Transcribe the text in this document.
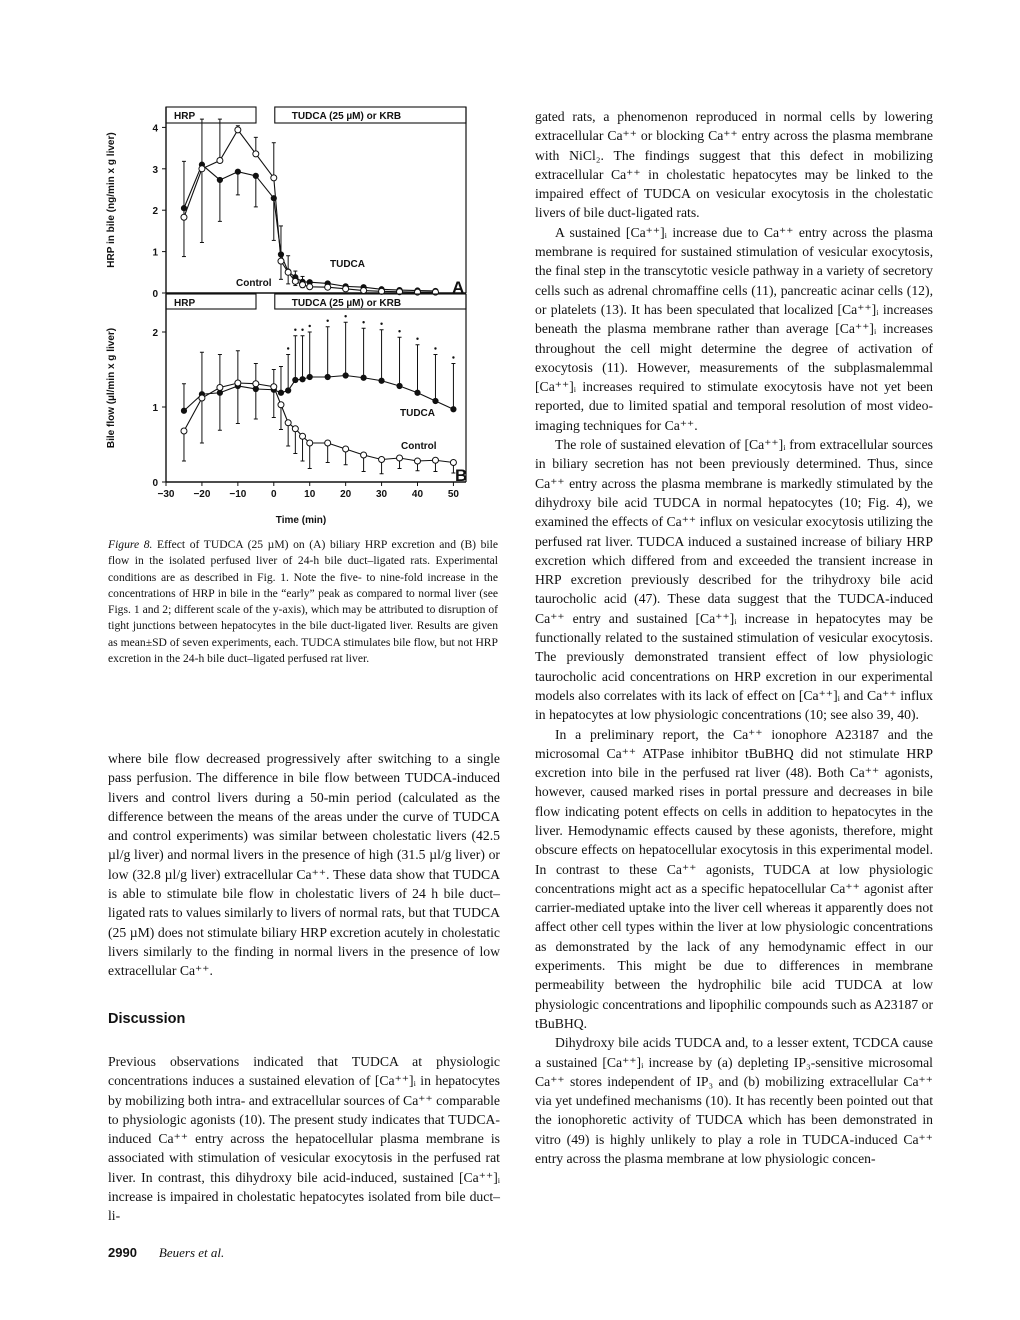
HRP	TUDCA (25 µM) or KRB
0
1
2
3
4
HRP in bile (ng/min x g liver)	TUDCA
Control	A
HRP	TUDCA (25 µM) or KRB
0
1
2
Bile flow (µl/min x g liver)	TUDCA
Control
B
−30 −20 −10 0	10 20 30 40 50
Time (min)
Figure 8. Effect of TUDCA (25 µM) on (A) biliary HRP excretion and (B) bile flow in the isolated perfused liver of 24-h bile duct–ligated rats. Experimental conditions are as described in Fig. 1. Note the five- to nine-fold increase in the concentrations of HRP in bile in the “early” peak as compared to normal liver (see Figs. 1 and 2; different scale of the y-axis), which may be attributed to disruption of tight junctions between hepatocytes in the bile duct-ligated liver. Results are given as mean±SD of seven experiments, each. TUDCA stimulates bile flow, but not HRP excretion in the 24-h bile duct–ligated perfused rat liver.

where bile flow decreased progressively after switching to a single pass perfusion. The difference in bile flow between TUDCA-induced livers and control livers during a 50-min period (calculated as the difference between the means of the areas under the curve of TUDCA and control experiments) was similar between cholestatic livers (42.5 µl/g liver) and normal livers in the presence of high (31.5 µl/g liver) or low (32.8 µl/g liver) extracellular Ca⁺⁺. These data show that TUDCA is able to stimulate bile flow in cholestatic livers of 24 h bile duct–ligated rats to values similarly to livers of normal rats, but that TUDCA (25 µM) does not stimulate biliary HRP excretion acutely in cholestatic livers similarly to the finding in normal livers in the presence of low extracellular Ca⁺⁺.

Discussion

Previous observations indicated that TUDCA at physiologic concentrations induces a sustained elevation of [Ca⁺⁺]ᵢ in hepatocytes by mobilizing both intra- and extracellular sources of Ca⁺⁺ comparable to physiologic agonists (10). The present study indicates that TUDCA-induced Ca⁺⁺ entry across the hepatocellular plasma membrane is associated with stimulation of vesicular exocytosis in the perfused rat liver. In contrast, this dihydroxy bile acid-induced, sustained [Ca⁺⁺]ᵢ increase is impaired in cholestatic hepatocytes isolated from bile duct–li-

gated rats, a phenomenon reproduced in normal cells by lowering extracellular Ca⁺⁺ or blocking Ca⁺⁺ entry across the plasma membrane with NiCl₂. The findings suggest that this defect in mobilizing extracellular Ca⁺⁺ in cholestatic hepatocytes may be linked to the impaired effect of TUDCA on vesicular exocytosis in the cholestatic livers of bile duct-ligated rats.

A sustained [Ca⁺⁺]ᵢ increase due to Ca⁺⁺ entry across the plasma membrane is required for sustained stimulation of vesicular exocytosis, the final step in the transcytotic vesicle pathway in a variety of secretory cells such as adrenal chromaffine cells (11), pancreatic acinar cells (12), or platelets (13). It has been speculated that localized [Ca⁺⁺]ᵢ increases beneath the plasma membrane rather than average [Ca⁺⁺]ᵢ increases throughout the cell might determine the degree of activation of exocytosis (11). However, measurements of the subplasmalemmal [Ca⁺⁺]ᵢ increases required to stimulate exocytosis have not yet been reported, due to limited spatial and temporal resolution of most video-imaging techniques for Ca⁺⁺.

The role of sustained elevation of [Ca⁺⁺]ᵢ from extracellular sources in biliary secretion has not been previously determined. Thus, since Ca⁺⁺ entry across the plasma membrane is markedly stimulated by the dihydroxy bile acid TUDCA in normal hepatocytes (10; Fig. 4), we examined the effects of Ca⁺⁺ influx on vesicular exocytosis utilizing the perfused rat liver. TUDCA induced a sustained increase of biliary HRP excretion which differed from and exceeded the transient increase in HRP excretion previously described for the trihydroxy bile acid taurocholic acid (47). These data suggest that the TUDCA-induced Ca⁺⁺ entry and sustained [Ca⁺⁺]ᵢ increase in hepatocytes may be functionally related to the sustained stimulation of vesicular exocytosis. The previously demonstrated transient effect of low physiologic taurocholic acid concentrations on HRP excretion in our experimental models also correlates with its lack of effect on [Ca⁺⁺]ᵢ and Ca⁺⁺ influx in hepatocytes at low physiologic concentrations (10; see also 39, 40).

In a preliminary report, the Ca⁺⁺ ionophore A23187 and the microsomal Ca⁺⁺ ATPase inhibitor tBuBHQ did not stimulate HRP excretion into bile in the perfused rat liver (48). Both Ca⁺⁺ agonists, however, caused marked rises in portal pressure and decreases in bile flow indicating potent effects on cells in addition to hepatocytes in the liver. Hemodynamic effects caused by these agonists, therefore, might obscure effects on hepatocellular exocytosis in this experimental model. In contrast to these Ca⁺⁺ agonists, TUDCA at low physiologic concentrations might act as a specific hepatocellular Ca⁺⁺ agonist after carrier-mediated uptake into the liver cell whereas it apparently does not affect other cell types within the liver at low physiologic concentrations as demonstrated by the lack of any hemodynamic effect in our experiments. This might be due to differences in membrane permeability between the hydrophilic bile acid TUDCA at low physiologic concentrations and lipophilic compounds such as A23187 or tBuBHQ.

Dihydroxy bile acids TUDCA and, to a lesser extent, TCDCA cause a sustained [Ca⁺⁺]ᵢ increase by (a) depleting IP₃-sensitive microsomal Ca⁺⁺ stores independent of IP₃ and (b) mobilizing extracellular Ca⁺⁺ via yet undefined mechanisms (10). It has recently been pointed out that the ionophoretic activity of TUDCA which has been demonstrated in vitro (49) is highly unlikely to play a role in TUDCA-induced Ca⁺⁺ entry across the plasma membrane at low physiologic concen-

2990 Beuers et al.
